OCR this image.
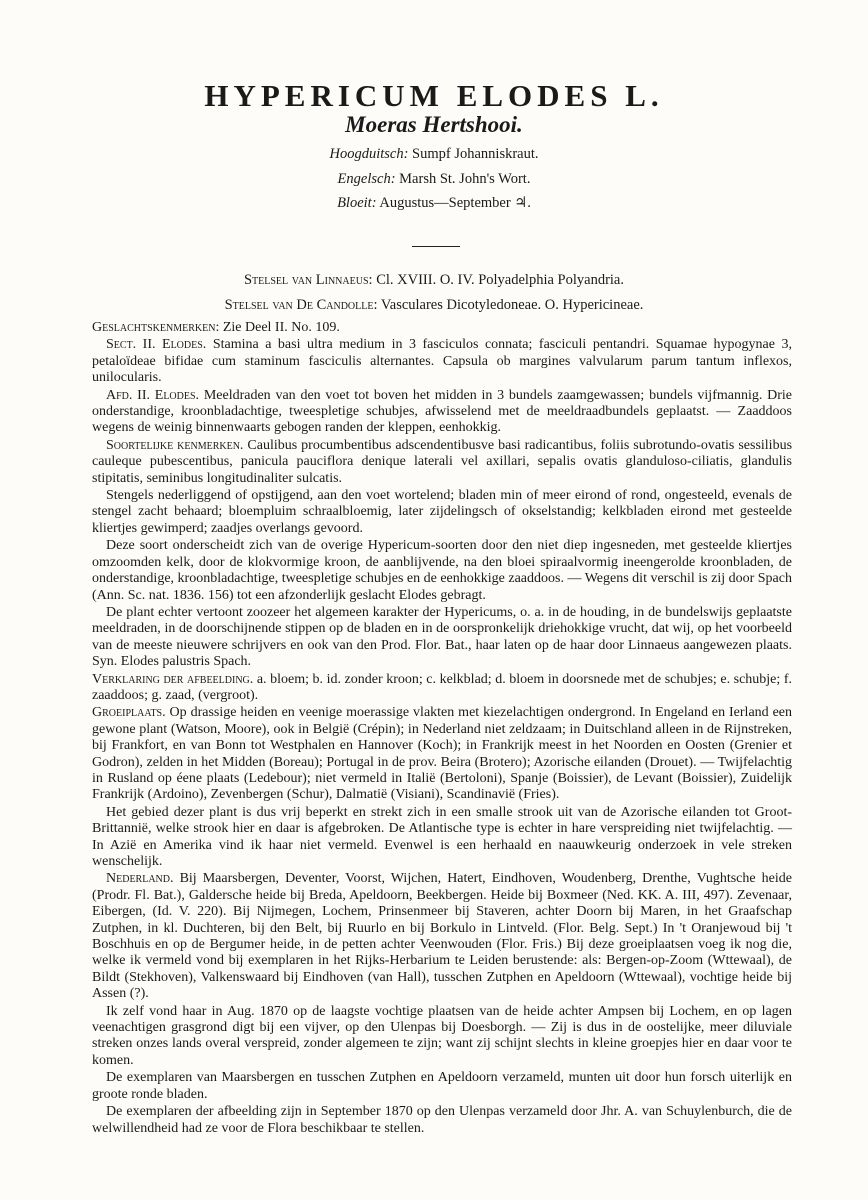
HYPERICUM ELODES L.
Moeras Hertshooi.
Hoogduitsch: Sumpf Johanniskraut.
Engelsch: Marsh St. John's Wort.
Bloeit: Augustus—September ♃.
Stelsel van Linnaeus: Cl. XVIII. O. IV. Polyadelphia Polyandria.
Stelsel van De Candolle: Vasculares Dicotyledoneae. O. Hypericineae.

Geslachtskenmerken: Zie Deel II. No. 109.

Sect. II. Elodes. Stamina a basi ultra medium in 3 fasciculos connata; fasciculi pentandri. Squamae hypogynae 3, petaloïdeae bifidae cum staminum fasciculis alternantes. Capsula ob margines valvularum parum tantum inflexos, unilocularis.

Afd. II. Elodes. Meeldraden van den voet tot boven het midden in 3 bundels zaamgewassen; bundels vijfmannig. Drie onderstandige, kroonbladachtige, tweespletige schubjes, afwisselend met de meeldraadbundels geplaatst. — Zaaddoos wegens de weinig binnenwaarts gebogen randen der kleppen, eenhokkig.

Soortelijke kenmerken. Caulibus procumbentibus adscendentibusve basi radicantibus, foliis subrotundo-ovatis sessilibus cauleque pubescentibus, panicula pauciflora denique laterali vel axillari, sepalis ovatis glanduloso-ciliatis, glandulis stipitatis, seminibus longitudinaliter sulcatis.

Stengels nederliggend of opstijgend, aan den voet wortelend; bladen min of meer eirond of rond, ongesteeld, evenals de stengel zacht behaard; bloempluim schraalbloemig, later zijdelingsch of okselstandig; kelkbladen eirond met gesteelde kliertjes gewimperd; zaadjes overlangs gevoord.

Deze soort onderscheidt zich van de overige Hypericum-soorten door den niet diep ingesneden, met gesteelde kliertjes omzoomden kelk, door de klokvormige kroon, de aanblijvende, na den bloei spiraalvormig ineengerolde kroonbladen, de onderstandige, kroonbladachtige, tweespletige schubjes en de eenhokkige zaaddoos. — Wegens dit verschil is zij door Spach (Ann. Sc. nat. 1836. 156) tot een afzonderlijk geslacht Elodes gebragt.

De plant echter vertoont zoozeer het algemeen karakter der Hypericums, o. a. in de houding, in de bundelswijs geplaatste meeldraden, in de doorschijnende stippen op de bladen en in de oorspronkelijk driehokkige vrucht, dat wij, op het voorbeeld van de meeste nieuwere schrijvers en ook van den Prod. Flor. Bat., haar laten op de haar door Linnaeus aangewezen plaats. Syn. Elodes palustris Spach.

Verklaring der afbeelding. a. bloem; b. id. zonder kroon; c. kelkblad; d. bloem in doorsnede met de schubjes; e. schubje; f. zaaddoos; g. zaad, (vergroot).

Groeiplaats. Op drassige heiden en veenige moerassige vlakten met kiezelachtigen ondergrond. In Engeland en Ierland een gewone plant (Watson, Moore), ook in België (Crépin); in Nederland niet zeldzaam; in Duitschland alleen in de Rijnstreken, bij Frankfort, en van Bonn tot Westphalen en Hannover (Koch); in Frankrijk meest in het Noorden en Oosten (Grenier et Godron), zelden in het Midden (Boreau); Portugal in de prov. Beira (Brotero); Azorische eilanden (Drouet). — Twijfelachtig in Rusland op éene plaats (Ledebour); niet vermeld in Italië (Bertoloni), Spanje (Boissier), de Levant (Boissier), Zuidelijk Frankrijk (Ardoino), Zevenbergen (Schur), Dalmatië (Visiani), Scandinavië (Fries).

Het gebied dezer plant is dus vrij beperkt en strekt zich in een smalle strook uit van de Azorische eilanden tot Groot-Brittannië, welke strook hier en daar is afgebroken. De Atlantische type is echter in hare verspreiding niet twijfelachtig. — In Azië en Amerika vind ik haar niet vermeld. Evenwel is een herhaald en naauwkeurig onderzoek in vele streken wenschelijk.

Nederland. Bij Maarsbergen, Deventer, Voorst, Wijchen, Hatert, Eindhoven, Woudenberg, Drenthe, Vughtsche heide (Prodr. Fl. Bat.), Galdersche heide bij Breda, Apeldoorn, Beekbergen. Heide bij Boxmeer (Ned. KK. A. III, 497). Zevenaar, Eibergen, (Id. V. 220). Bij Nijmegen, Lochem, Prinsenmeer bij Staveren, achter Doorn bij Maren, in het Graafschap Zutphen, in kl. Duchteren, bij den Belt, bij Ruurlo en bij Borkulo in Lintveld. (Flor. Belg. Sept.) In 't Oranjewoud bij 't Boschhuis en op de Bergumer heide, in de petten achter Veenwouden (Flor. Fris.) Bij deze groeiplaatsen voeg ik nog die, welke ik vermeld vond bij exemplaren in het Rijks-Herbarium te Leiden berustende: als: Bergen-op-Zoom (Wttewaal), de Bildt (Stekhoven), Valkenswaard bij Eindhoven (van Hall), tusschen Zutphen en Apeldoorn (Wttewaal), vochtige heide bij Assen (?).

Ik zelf vond haar in Aug. 1870 op de laagste vochtige plaatsen van de heide achter Ampsen bij Lochem, en op lagen veenachtigen grasgrond digt bij een vijver, op den Ulenpas bij Doesborgh. — Zij is dus in de oostelijke, meer diluviale streken onzes lands overal verspreid, zonder algemeen te zijn; want zij schijnt slechts in kleine groepjes hier en daar voor te komen.

De exemplaren van Maarsbergen en tusschen Zutphen en Apeldoorn verzameld, munten uit door hun forsch uiterlijk en groote ronde bladen.

De exemplaren der afbeelding zijn in September 1870 op den Ulenpas verzameld door Jhr. A. van Schuylenburch, die de welwillendheid had ze voor de Flora beschikbaar te stellen.
